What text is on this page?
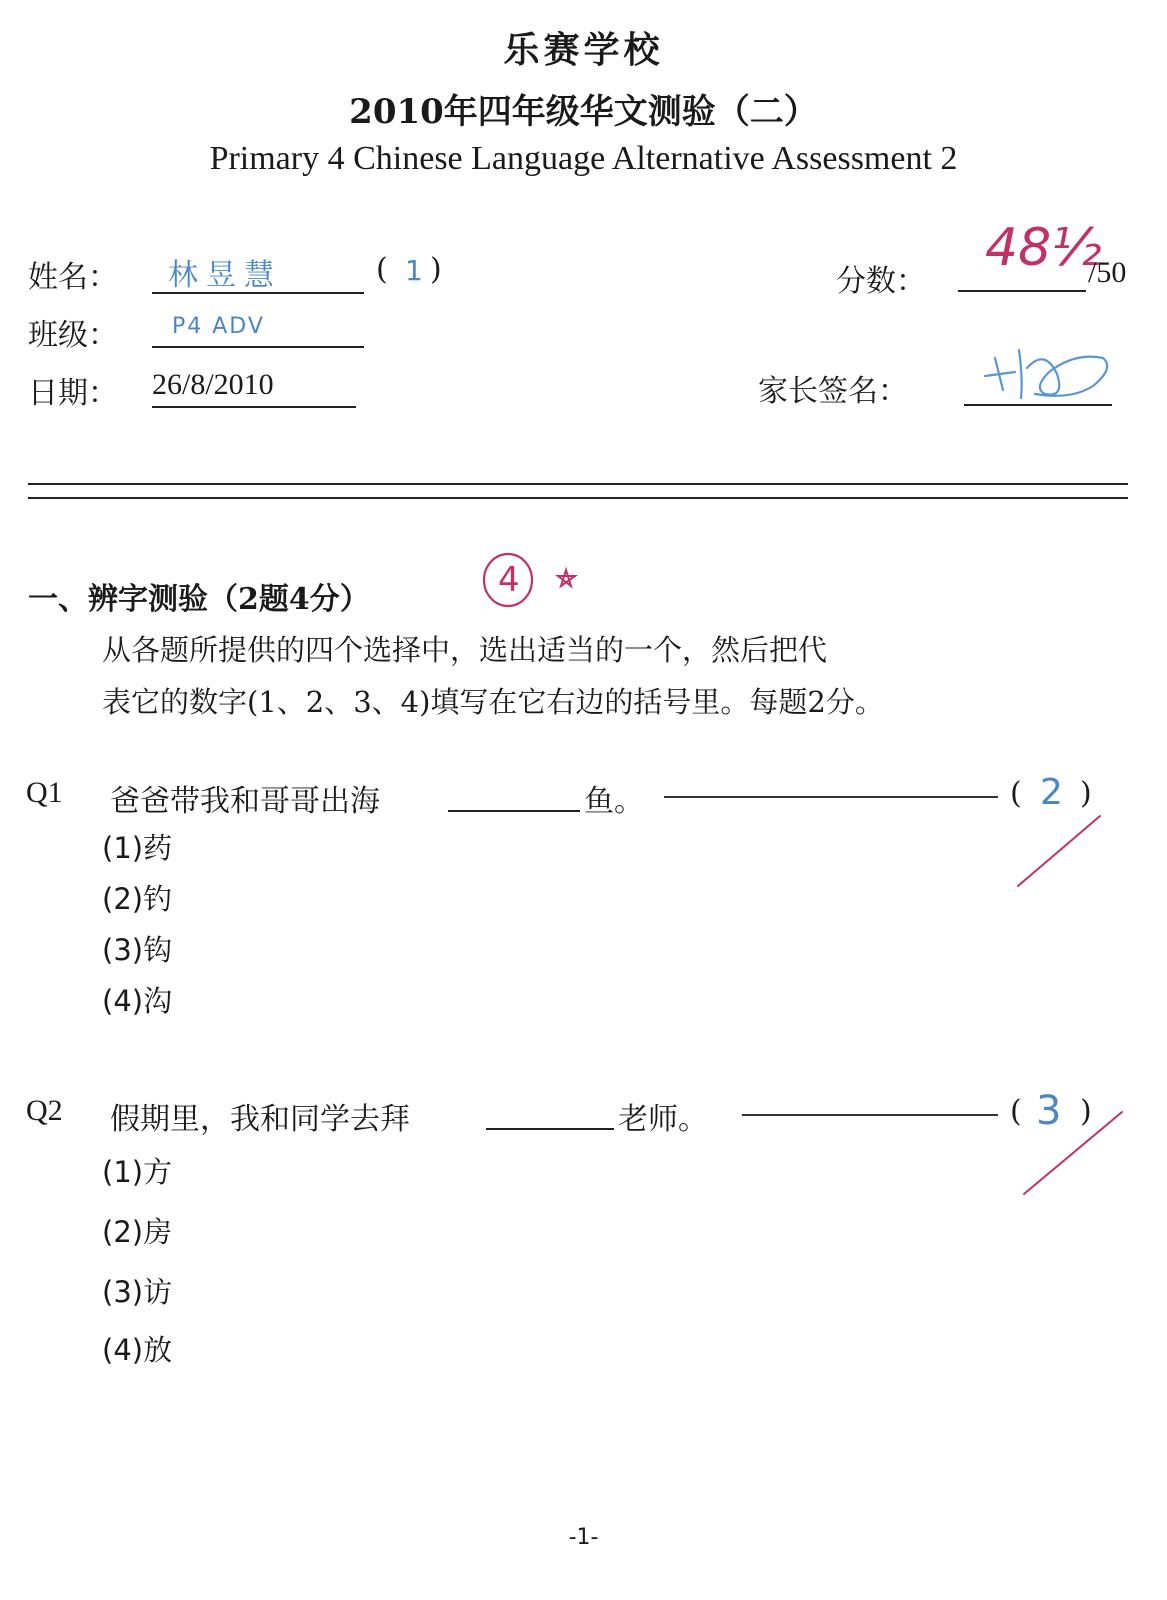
乐赛学校
2010年四年级华文测验（二）
Primary 4 Chinese Language Alternative Assessment 2
姓名： 林昱慧	( 1 )
班级： P4 ADV
日期： 26/8/2010
分数：
48½
/50
家长签名：
一、辨字测验（2题4分）	4
从各题所提供的四个选择中，选出适当的一个，然后把代
表它的数字(1、2、3、4)填写在它右边的括号里。每题2分。
Q1 爸爸带我和哥哥出海	鱼。	( 2 )
(1)药
(2)钓
(3)钩
(4)沟
Q2 假期里，我和同学去拜	老师。	( 3 )
(1)方
(2)房
(3)访
(4)放
-1-
